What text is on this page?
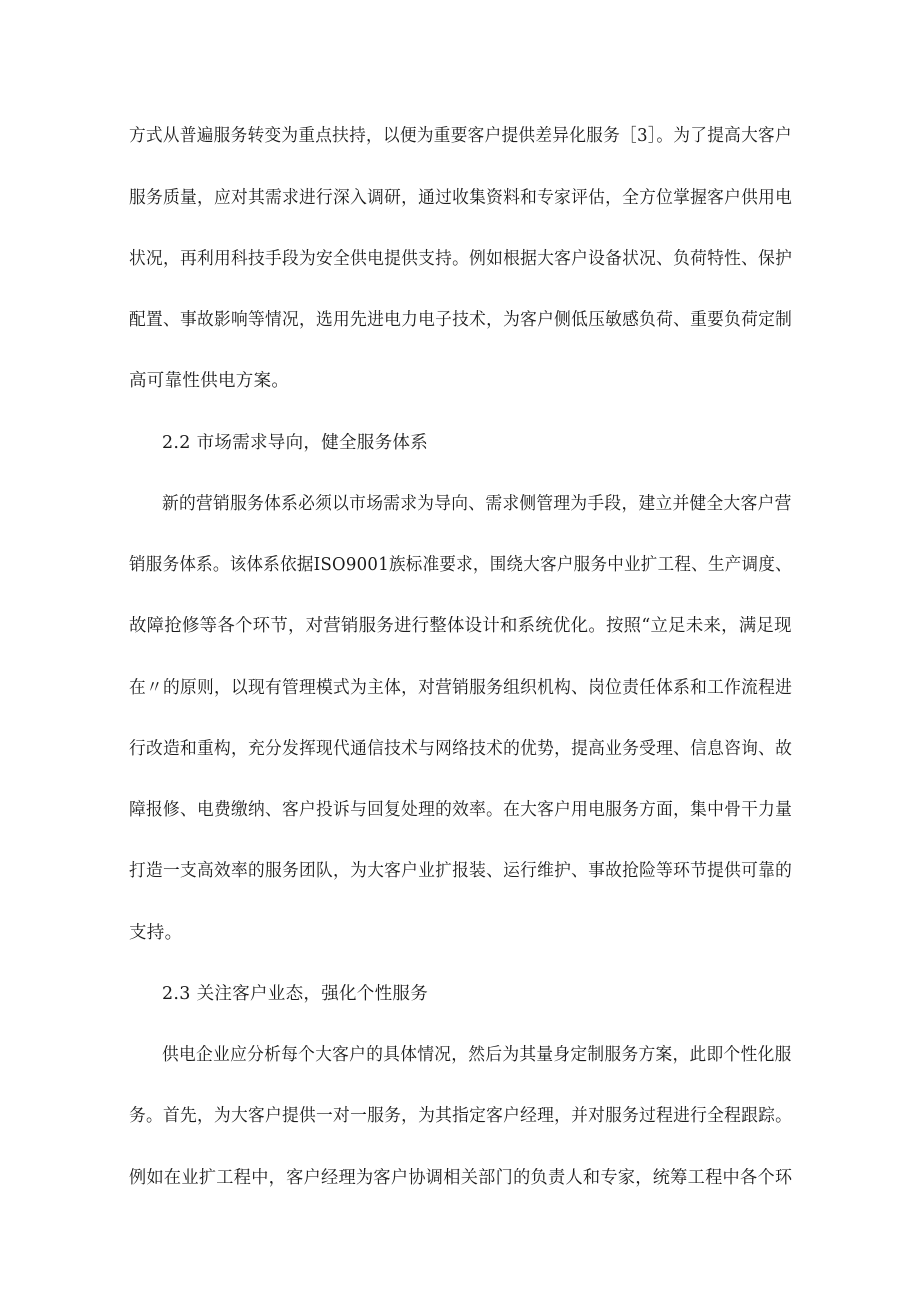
方式从普遍服务转变为重点扶持，以便为重要客户提供差异化服务［3］。为了提高大客户
服务质量，应对其需求进行深入调研，通过收集资料和专家评估，全方位掌握客户供用电
状况，再利用科技手段为安全供电提供支持。例如根据大客户设备状况、负荷特性、保护
配置、事故影响等情况，选用先进电力电子技术，为客户侧低压敏感负荷、重要负荷定制
高可靠性供电方案。
2.2 市场需求导向，健全服务体系
新的营销服务体系必须以市场需求为导向、需求侧管理为手段，建立并健全大客户营
销服务体系。该体系依据ISO9001族标准要求，围绕大客户服务中业扩工程、生产调度、
故障抢修等各个环节，对营销服务进行整体设计和系统优化。按照“立足未来，满足现
在〃的原则，以现有管理模式为主体，对营销服务组织机构、岗位责任体系和工作流程进
行改造和重构，充分发挥现代通信技术与网络技术的优势，提高业务受理、信息咨询、故
障报修、电费缴纳、客户投诉与回复处理的效率。在大客户用电服务方面，集中骨干力量
打造一支高效率的服务团队，为大客户业扩报装、运行维护、事故抢险等环节提供可靠的
支持。
2.3 关注客户业态，强化个性服务
供电企业应分析每个大客户的具体情况，然后为其量身定制服务方案，此即个性化服
务。首先，为大客户提供一对一服务，为其指定客户经理，并对服务过程进行全程跟踪。
例如在业扩工程中，客户经理为客户协调相关部门的负责人和专家，统筹工程中各个环
